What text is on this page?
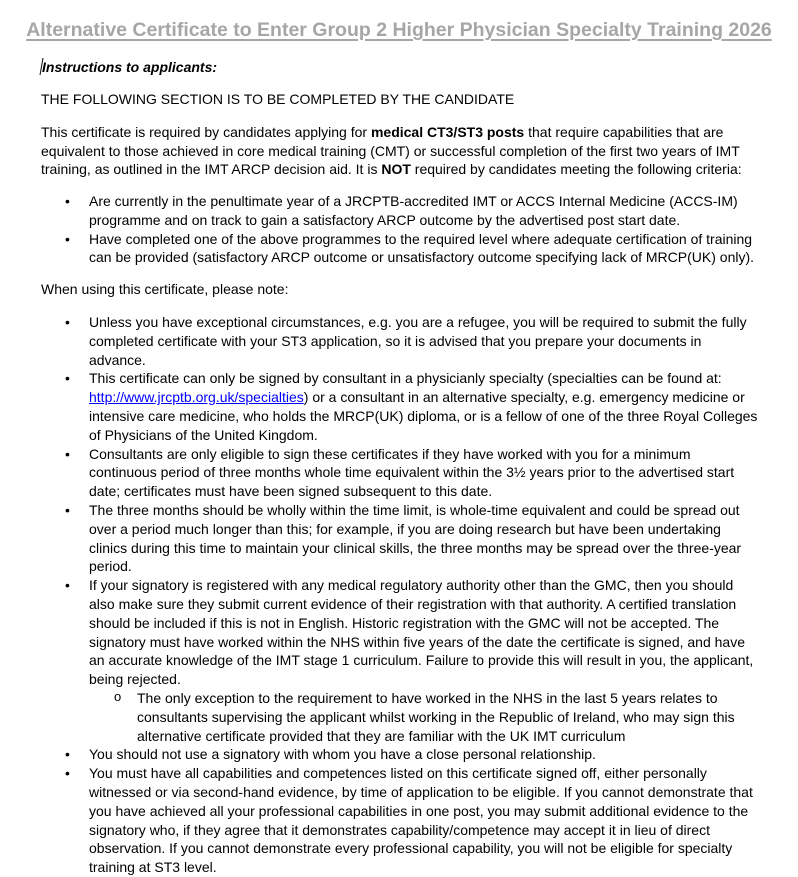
Alternative Certificate to Enter Group 2 Higher Physician Specialty Training 2026
Instructions to applicants:
THE FOLLOWING SECTION IS TO BE COMPLETED BY THE CANDIDATE
This certificate is required by candidates applying for medical CT3/ST3 posts that require capabilities that are equivalent to those achieved in core medical training (CMT) or successful completion of the first two years of IMT training, as outlined in the IMT ARCP decision aid. It is NOT required by candidates meeting the following criteria:
• Are currently in the penultimate year of a JRCPTB-accredited IMT or ACCS Internal Medicine (ACCS-IM) programme and on track to gain a satisfactory ARCP outcome by the advertised post start date.
• Have completed one of the above programmes to the required level where adequate certification of training can be provided (satisfactory ARCP outcome or unsatisfactory outcome specifying lack of MRCP(UK) only).
When using this certificate, please note:
• Unless you have exceptional circumstances, e.g. you are a refugee, you will be required to submit the fully completed certificate with your ST3 application, so it is advised that you prepare your documents in advance.
• This certificate can only be signed by consultant in a physicianly specialty (specialties can be found at: http://www.jrcptb.org.uk/specialties) or a consultant in an alternative specialty, e.g. emergency medicine or intensive care medicine, who holds the MRCP(UK) diploma, or is a fellow of one of the three Royal Colleges of Physicians of the United Kingdom.
• Consultants are only eligible to sign these certificates if they have worked with you for a minimum continuous period of three months whole time equivalent within the 3½ years prior to the advertised start date; certificates must have been signed subsequent to this date.
• The three months should be wholly within the time limit, is whole-time equivalent and could be spread out over a period much longer than this; for example, if you are doing research but have been undertaking clinics during this time to maintain your clinical skills, the three months may be spread over the three-year period.
• If your signatory is registered with any medical regulatory authority other than the GMC, then you should also make sure they submit current evidence of their registration with that authority. A certified translation should be included if this is not in English. Historic registration with the GMC will not be accepted. The signatory must have worked within the NHS within five years of the date the certificate is signed, and have an accurate knowledge of the IMT stage 1 curriculum. Failure to provide this will result in you, the applicant, being rejected.
o The only exception to the requirement to have worked in the NHS in the last 5 years relates to consultants supervising the applicant whilst working in the Republic of Ireland, who may sign this alternative certificate provided that they are familiar with the UK IMT curriculum
• You should not use a signatory with whom you have a close personal relationship.
• You must have all capabilities and competences listed on this certificate signed off, either personally witnessed or via second-hand evidence, by time of application to be eligible. If you cannot demonstrate that you have achieved all your professional capabilities in one post, you may submit additional evidence to the signatory who, if they agree that it demonstrates capability/competence may accept it in lieu of direct observation. If you cannot demonstrate every professional capability, you will not be eligible for specialty training at ST3 level.
